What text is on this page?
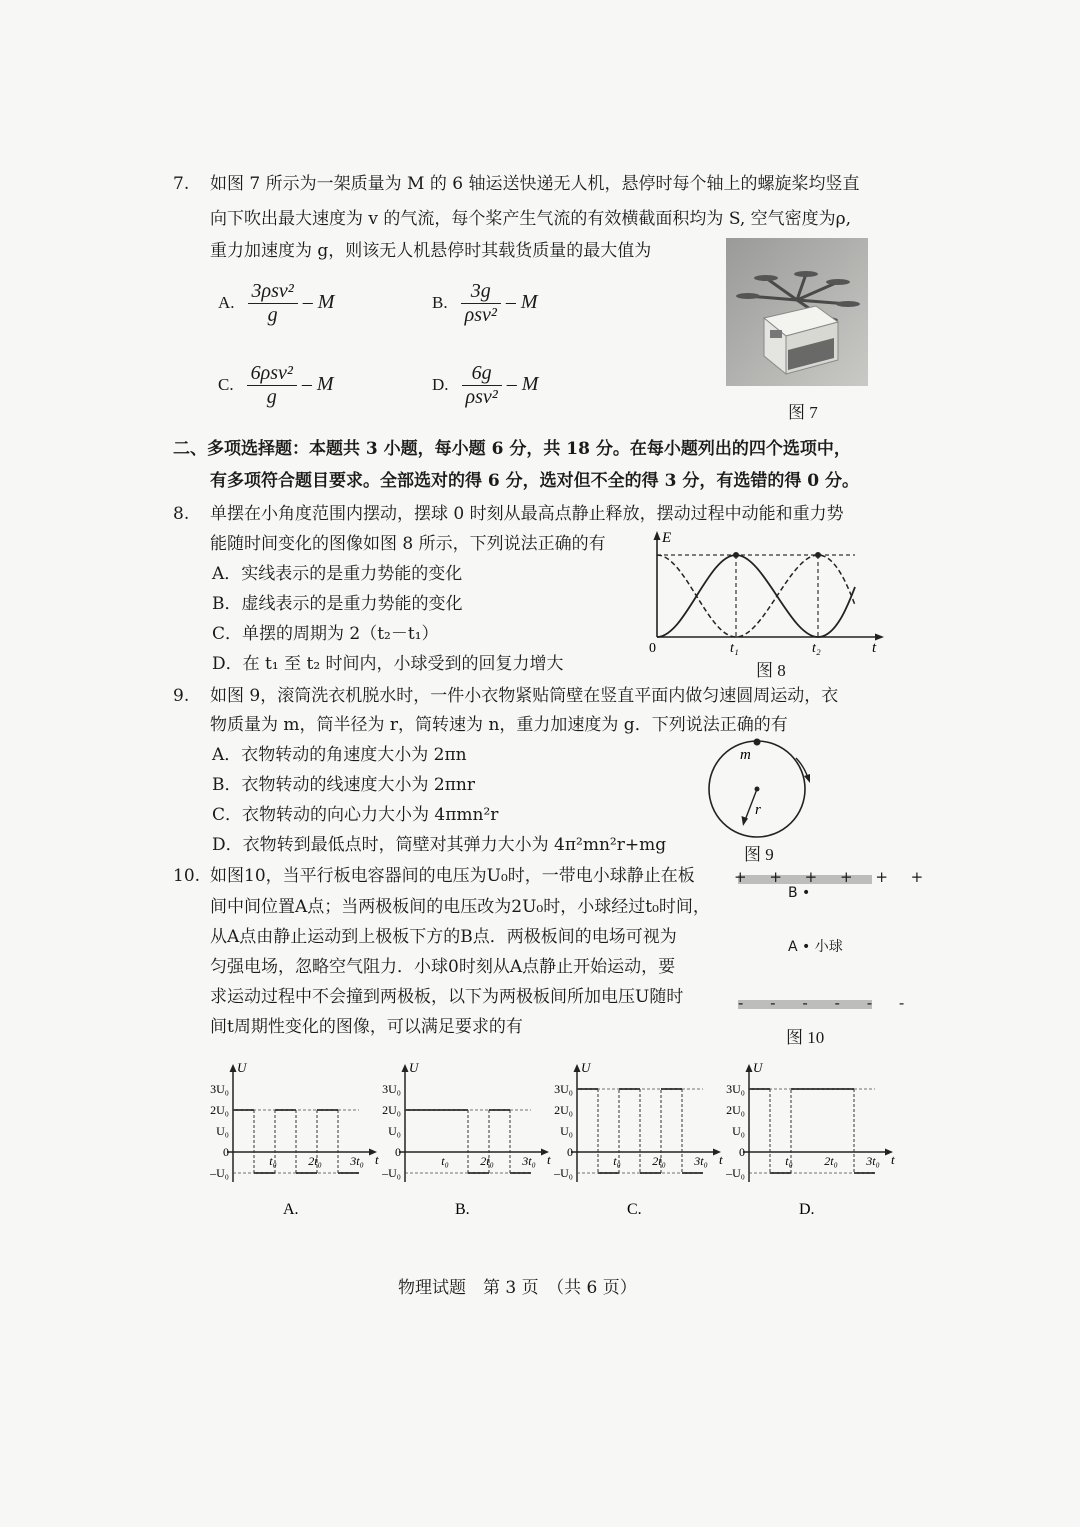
7. 如图 7 所示为一架质量为 M 的 6 轴运送快递无人机，悬停时每个轴上的螺旋桨均竖直
向下吹出最大速度为 v 的气流，每个桨产生气流的有效横截面积均为 S, 空气密度为ρ,
重力加速度为 g，则该无人机悬停时其载货质量的最大值为
A. $\frac{\text{3ρsv²}}{g}$ – M	B. $\frac{3g}{\text{ρsv²}}$ – M
C. $\frac{\text{6ρsv²}}{g}$ – M	D. $\frac{6g}{\text{ρsv²}}$ – M
图 7
二、多项选择题：本题共 3 小题，每小题 6 分，共 18 分。在每小题列出的四个选项中，
有多项符合题目要求。全部选对的得 6 分，选对但不全的得 3 分，有选错的得 0 分。
8. 单摆在小角度范围内摆动，摆球 0 时刻从最高点静止释放，摆动过程中动能和重力势
能随时间变化的图像如图 8 所示，下列说法正确的有
A．实线表示的是重力势能的变化
B．虚线表示的是重力势能的变化
C．单摆的周期为 2（t₂－t₁）
D．在 t₁ 至 t₂ 时间内，小球受到的回复力增大
E
t
0	t₁	t₂
图 8
9. 如图 9，滚筒洗衣机脱水时，一件小衣物紧贴筒壁在竖直平面内做匀速圆周运动，衣
物质量为 m，筒半径为 r，筒转速为 n，重力加速度为 g．下列说法正确的有
A．衣物转动的角速度大小为 2πn
B．衣物转动的线速度大小为 2πnr
C．衣物转动的向心力大小为 4πmn²r
D．衣物转到最低点时，筒壁对其弹力大小为 4π²mn²r+mg
m
r
图 9
10. 如图10，当平行板电容器间的电压为U₀时，一带电小球静止在板
间中间位置A点；当两极板间的电压改为2U₀时，小球经过t₀时间，
从A点由静止运动到上极板下方的B点．两极板间的电场可视为
匀强电场，忽略空气阻力．小球0时刻从A点静止开始运动，要
求运动过程中不会撞到两极板，以下为两极板间所加电压U随时
间t周期性变化的图像，可以满足要求的有
+ + + + + +
B •
A • 小球
- - - - - -
图 10
U
t
3U₀
2U₀
U₀
0
–U₀
t₀	2t₀ 3t₀
A.
U
t
3U₀
2U₀
U₀
0
–U₀
t₀	2t₀ 3t₀
B.
U
t
3U₀
2U₀
U₀
0
–U₀
t₀	2t₀ 3t₀
C.
U
t
3U₀
2U₀
U₀
0
–U₀
t₀	2t₀ 3t₀
D.
物理试题　第 3 页　（共 6 页）
